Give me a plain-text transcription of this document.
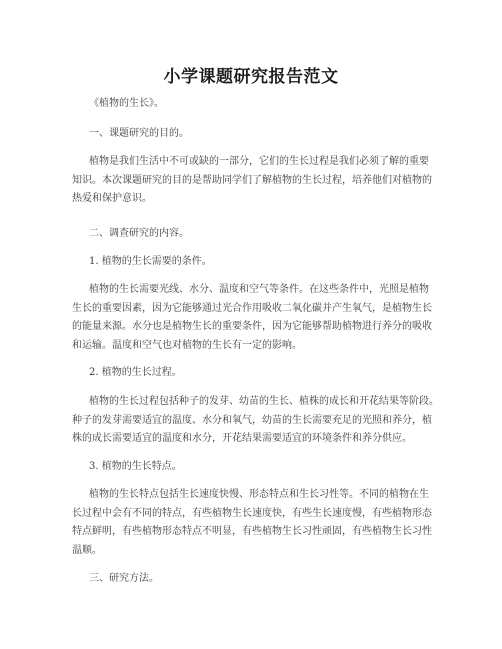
小学课题研究报告范文
《植物的生长》。
一、课题研究的目的。
植物是我们生活中不可或缺的一部分，它们的生长过程是我们必须了解的重要
知识。本次课题研究的目的是帮助同学们了解植物的生长过程，培养他们对植物的
热爱和保护意识。
二、调查研究的内容。
1. 植物的生长需要的条件。
植物的生长需要光线、水分、温度和空气等条件。在这些条件中，光照是植物
生长的重要因素，因为它能够通过光合作用吸收二氧化碳并产生氧气，是植物生长
的能量来源。水分也是植物生长的重要条件，因为它能够帮助植物进行养分的吸收
和运输。温度和空气也对植物的生长有一定的影响。
2. 植物的生长过程。
植物的生长过程包括种子的发芽、幼苗的生长、植株的成长和开花结果等阶段。
种子的发芽需要适宜的温度、水分和氧气，幼苗的生长需要充足的光照和养分，植
株的成长需要适宜的温度和水分，开花结果需要适宜的环境条件和养分供应。
3. 植物的生长特点。
植物的生长特点包括生长速度快慢、形态特点和生长习性等。不同的植物在生
长过程中会有不同的特点，有些植物生长速度快，有些生长速度慢，有些植物形态
特点鲜明，有些植物形态特点不明显，有些植物生长习性顽固，有些植物生长习性
温顺。
三、研究方法。
